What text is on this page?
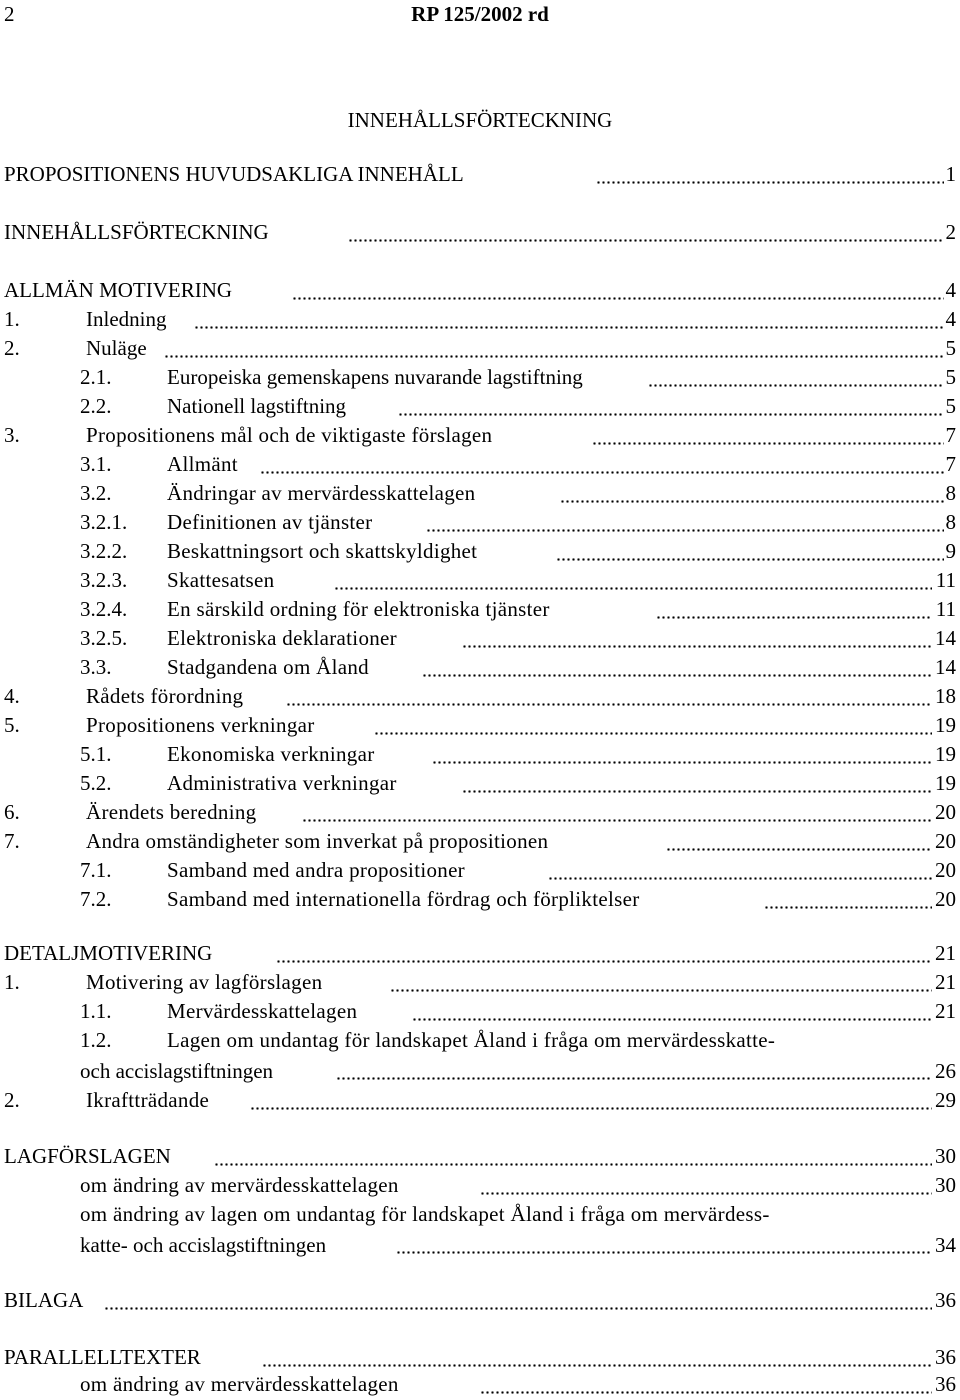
2	RP 125/2002 rd
INNEHÅLLSFÖRTECKNING
PROPOSITIONENS HUVUDSAKLIGA INNEHÅLL	1
INNEHÅLLSFÖRTECKNING	2
ALLMÄN MOTIVERING	4
1.	Inledning	4
2.	Nuläge	5
2.1.	Europeiska gemenskapens nuvarande lagstiftning	5
2.2.	Nationell lagstiftning	5
3.	Propositionens mål och de viktigaste förslagen	7
3.1.	Allmänt	7
3.2.	Ändringar av mervärdesskattelagen	8
3.2.1. Definitionen av tjänster	8
3.2.2. Beskattningsort och skattskyldighet	9
3.2.3. Skattesatsen	11
3.2.4. En särskild ordning för elektroniska tjänster	11
3.2.5. Elektroniska deklarationer	14
3.3.	Stadgandena om Åland	14
4.	Rådets förordning	18
5.	Propositionens verkningar	19
5.1.	Ekonomiska verkningar	19
5.2.	Administrativa verkningar	19
6.	Ärendets beredning	20
7.	Andra omständigheter som inverkat på propositionen	20
7.1.	Samband med andra propositioner	20
7.2.	Samband med internationella fördrag och förpliktelser	20
DETALJMOTIVERING	21
1.	Motivering av lagförslagen	21
1.1.	Mervärdesskattelagen	21
1.2.	Lagen om undantag för landskapet Åland i fråga om mervärdesskatte-
och accislagstiftningen	26
2.	Ikraftträdande	29
LAGFÖRSLAGEN	30
om ändring av mervärdesskattelagen	30
om ändring av lagen om undantag för landskapet Åland i fråga om mervärdess-
katte- och accislagstiftningen	34
BILAGA	36
PARALLELLTEXTER	36
om ändring av mervärdesskattelagen	36
